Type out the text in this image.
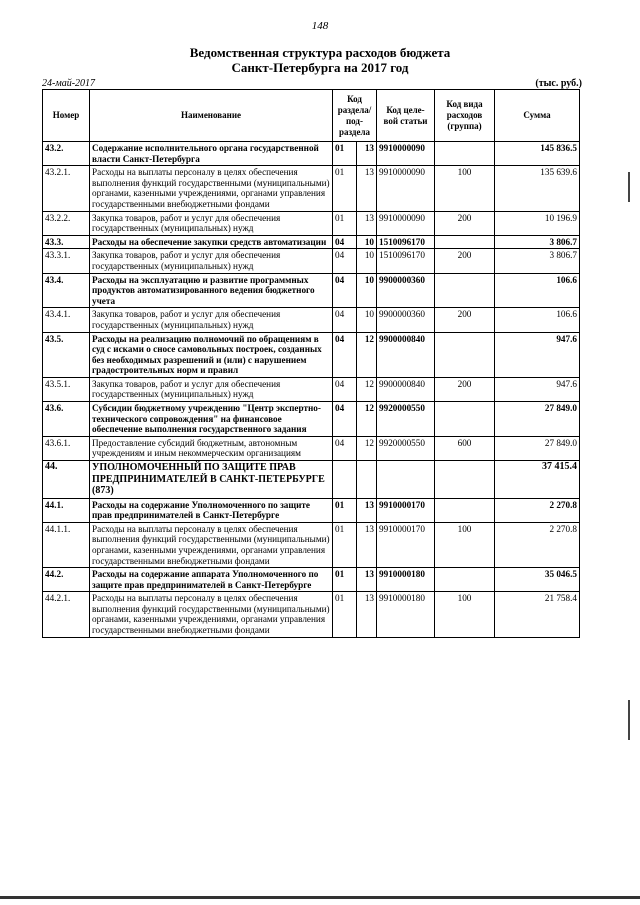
148
Ведомственная структура расходов бюджета
Санкт-Петербурга на 2017 год
24-май-2017	(тыс. руб.)
Номер	Наименование	Код раздела/ под- раздела		Код целе- вой статьи	Код вида расходов (группа)	Сумма
43.2.	Содержание исполнительного органа государственной власти Санкт-Петербурга	01	13	9910000090		145 836.5
43.2.1.	Расходы на выплаты персоналу в целях обеспечения выполнения функций государственными (муниципальными) органами, казенными учреждениями, органами управления государственными внебюджетными фондами	01	13	9910000090	100	135 639.6
43.2.2.	Закупка товаров, работ и услуг для обеспечения государственных (муниципальных) нужд	01	13	9910000090	200	10 196.9
43.3.	Расходы на обеспечение закупки средств автоматизации	04	10	1510096170		3 806.7
43.3.1.	Закупка товаров, работ и услуг для обеспечения государственных (муниципальных) нужд	04	10	1510096170	200	3 806.7
43.4.	Расходы на эксплуатацию и развитие программных продуктов автоматизированного ведения бюджетного учета	04	10	9900000360		106.6
43.4.1.	Закупка товаров, работ и услуг для обеспечения государственных (муниципальных) нужд	04	10	9900000360	200	106.6
43.5.	Расходы на реализацию полномочий по обращениям в суд с исками о сносе самовольных построек, созданных без необходимых разрешений и (или) с нарушением градостроительных норм и правил	04	12	9900000840		947.6
43.5.1.	Закупка товаров, работ и услуг для обеспечения государственных (муниципальных) нужд	04	12	9900000840	200	947.6
43.6.	Субсидии бюджетному учреждению "Центр экспертно-технического сопровождения" на финансовое обеспечение выполнения государственного задания	04	12	9920000550		27 849.0
43.6.1.	Предоставление субсидий бюджетным, автономным учреждениям и иным некоммерческим организациям	04	12	9920000550	600	27 849.0
44.	УПОЛНОМОЧЕННЫЙ ПО ЗАЩИТЕ ПРАВ ПРЕДПРИНИМАТЕЛЕЙ В САНКТ-ПЕТЕРБУРГЕ (873)					37 415.4
44.1.	Расходы на содержание Уполномоченного по защите прав предпринимателей в Санкт-Петербурге	01	13	9910000170		2 270.8
44.1.1.	Расходы на выплаты персоналу в целях обеспечения выполнения функций государственными (муниципальными) органами, казенными учреждениями, органами управления государственными внебюджетными фондами	01	13	9910000170	100	2 270.8
44.2.	Расходы на содержание аппарата Уполномоченного по защите прав предпринимателей в Санкт-Петербурге	01	13	9910000180		35 046.5
44.2.1.	Расходы на выплаты персоналу в целях обеспечения выполнения функций государственными (муниципальными) органами, казенными учреждениями, органами управления государственными внебюджетными фондами	01	13	9910000180	100	21 758.4
